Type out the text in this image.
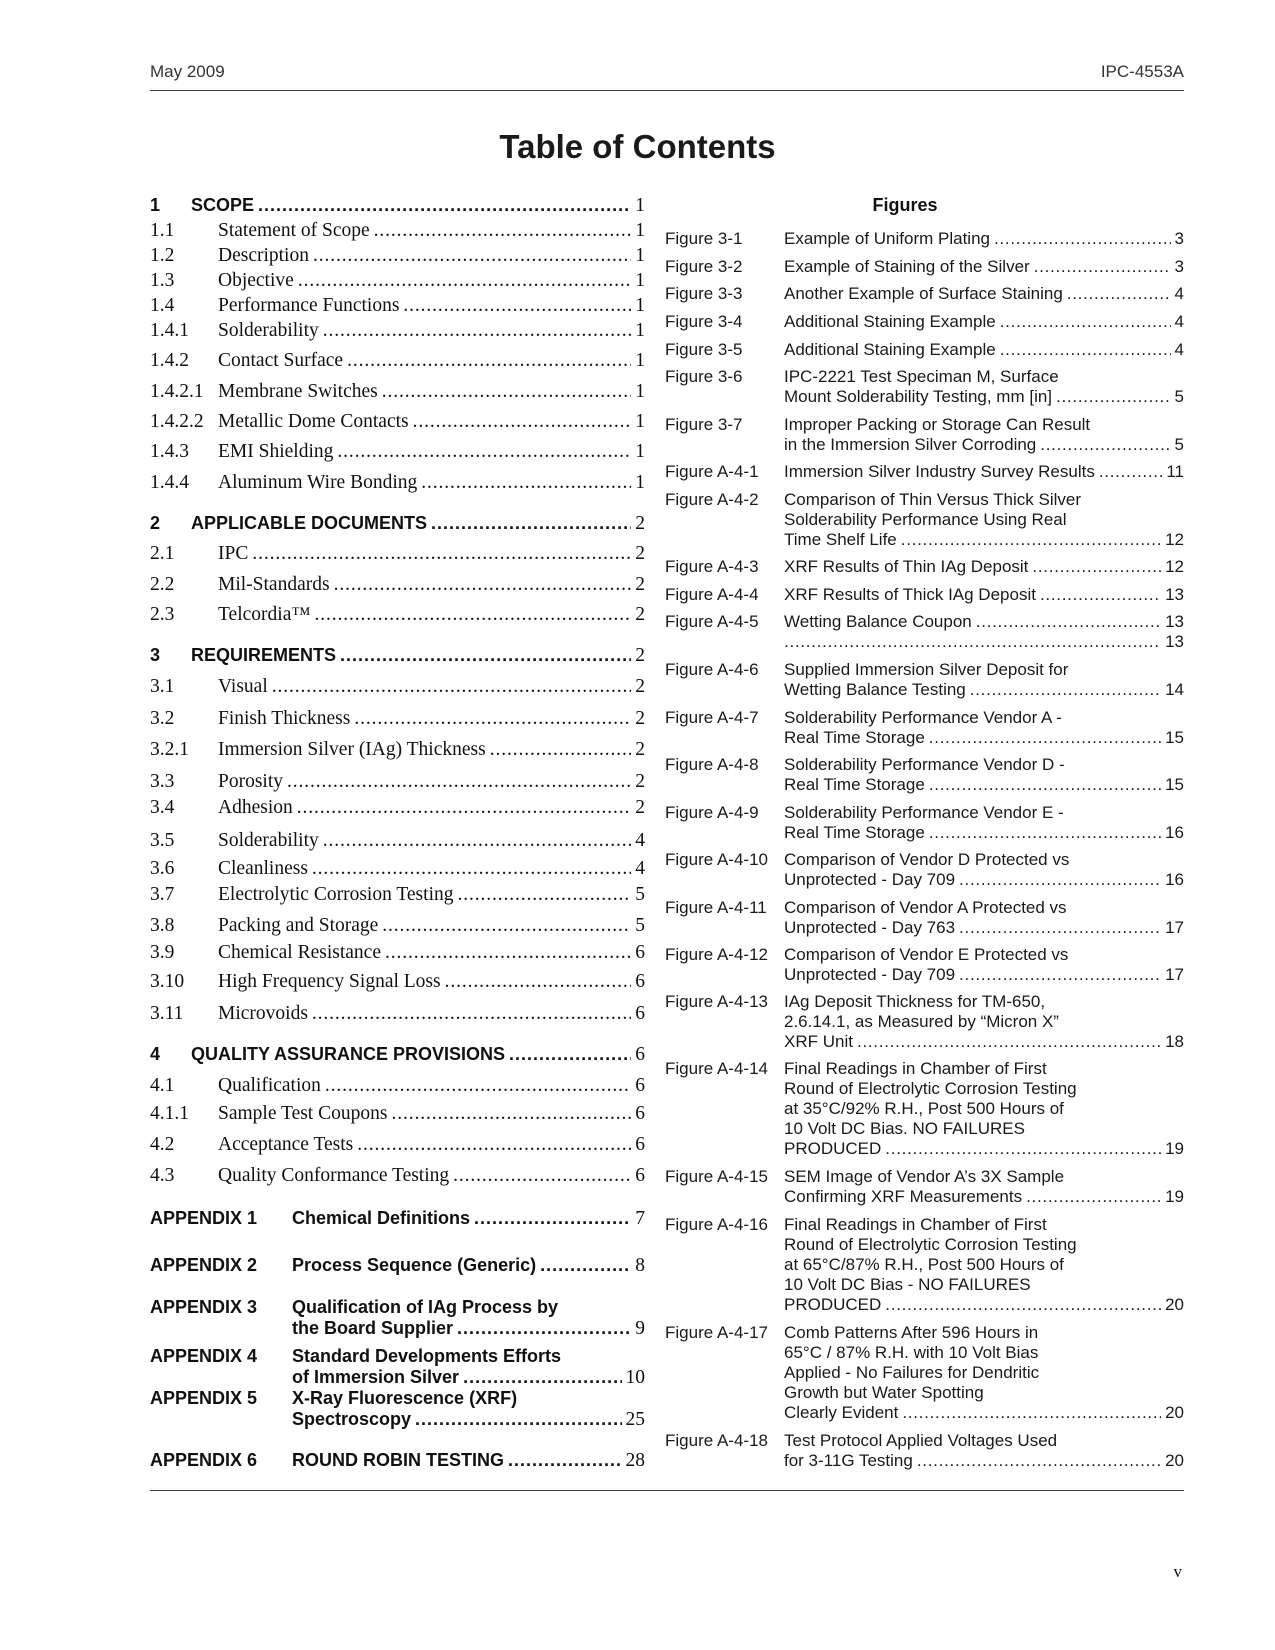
May 2009	IPC-4553A
Table of Contents
1	SCOPE . . .	1
1.1	Statement of Scope . . .	1
1.2	Description . . .	1
1.3	Objective . . .	1
1.4	Performance Functions . . .	1
1.4.1	Solderability . . .	1
1.4.2	Contact Surface . . .	1
1.4.2.1 Membrane Switches . . .	1
1.4.2.2 Metallic Dome Contacts . . .	1
1.4.3	EMI Shielding . . .	1
1.4.4	Aluminum Wire Bonding . . .	1
2	APPLICABLE DOCUMENTS . . .	2
2.1	IPC . . .	2
2.2	Mil-Standards . . .	2
2.3	Telcordia™ . . .	2
3	REQUIREMENTS . . .	2
3.1	Visual . . .	2
3.2	Finish Thickness . . .	2
3.2.1	Immersion Silver (IAg) Thickness . . .	2
3.3	Porosity . . .	2
3.4	Adhesion . . .	2
3.5	Solderability . . .	4
3.6	Cleanliness . . .	4
3.7	Electrolytic Corrosion Testing . . .	5
3.8	Packing and Storage . . .	5
3.9	Chemical Resistance . . .	6
3.10	High Frequency Signal Loss . . .	6
3.11	Microvoids . . .	6
4	QUALITY ASSURANCE PROVISIONS . . .	6
4.1	Qualification . . .	6
4.1.1	Sample Test Coupons . . .	6
4.2	Acceptance Tests . . .	6
4.3	Quality Conformance Testing . . .	6
APPENDIX 1 Chemical Definitions . . .	7
APPENDIX 2 Process Sequence (Generic) . . .	8
APPENDIX 3 Qualification of IAg Process by
the Board Supplier . . .	9
APPENDIX 4 Standard Developments Efforts
of Immersion Silver . . .	10
APPENDIX 5 X-Ray Fluorescence (XRF)
Spectroscopy . . .	25
APPENDIX 6 ROUND ROBIN TESTING . . .	28
Figures
Figure 3-1 Example of Uniform Plating . . .	3
Figure 3-2 Example of Staining of the Silver . . .	3
Figure 3-3 Another Example of Surface Staining . . .	4
Figure 3-4 Additional Staining Example . . .	4
Figure 3-5 Additional Staining Example . . .	4
Figure 3-6 IPC-2221 Test Speciman M, Surface
Mount Solderability Testing, mm [in] . . .	5
Figure 3-7 Improper Packing or Storage Can Result
in the Immersion Silver Corroding . . .	5
Figure A-4-1 Immersion Silver Industry Survey Results . . .	11
Figure A-4-2 Comparison of Thin Versus Thick Silver
Solderability Performance Using Real
Time Shelf Life . . .	12
Figure A-4-3 XRF Results of Thin IAg Deposit . . .	12
Figure A-4-4 XRF Results of Thick IAg Deposit . . .	13
Figure A-4-5 Wetting Balance Coupon . . .	13
. . .
13
Figure A-4-6 Supplied Immersion Silver Deposit for
Wetting Balance Testing . . .	14
Figure A-4-7 Solderability Performance Vendor A -
Real Time Storage . . .	15
Figure A-4-8 Solderability Performance Vendor D -
Real Time Storage . . .	15
Figure A-4-9 Solderability Performance Vendor E -
Real Time Storage . . .	16
Figure A-4-10 Comparison of Vendor D Protected vs
Unprotected - Day 709 . . .	16
Figure A-4-11 Comparison of Vendor A Protected vs
Unprotected - Day 763 . . .	17
Figure A-4-12 Comparison of Vendor E Protected vs
Unprotected - Day 709 . . .	17
Figure A-4-13 IAg Deposit Thickness for TM-650,
2.6.14.1, as Measured by “Micron X”
XRF Unit . . .	18
Figure A-4-14 Final Readings in Chamber of First
Round of Electrolytic Corrosion Testing
at 35°C/92% R.H., Post 500 Hours of
10 Volt DC Bias. NO FAILURES
PRODUCED . . .	19
Figure A-4-15 SEM Image of Vendor A’s 3X Sample
Confirming XRF Measurements . . .	19
Figure A-4-16 Final Readings in Chamber of First
Round of Electrolytic Corrosion Testing
at 65°C/87% R.H., Post 500 Hours of
10 Volt DC Bias - NO FAILURES
PRODUCED . . .	20
Figure A-4-17 Comb Patterns After 596 Hours in
65°C / 87% R.H. with 10 Volt Bias
Applied - No Failures for Dendritic
Growth but Water Spotting
Clearly Evident . . .	20
Figure A-4-18 Test Protocol Applied Voltages Used
for 3-11G Testing . . .	20
v
